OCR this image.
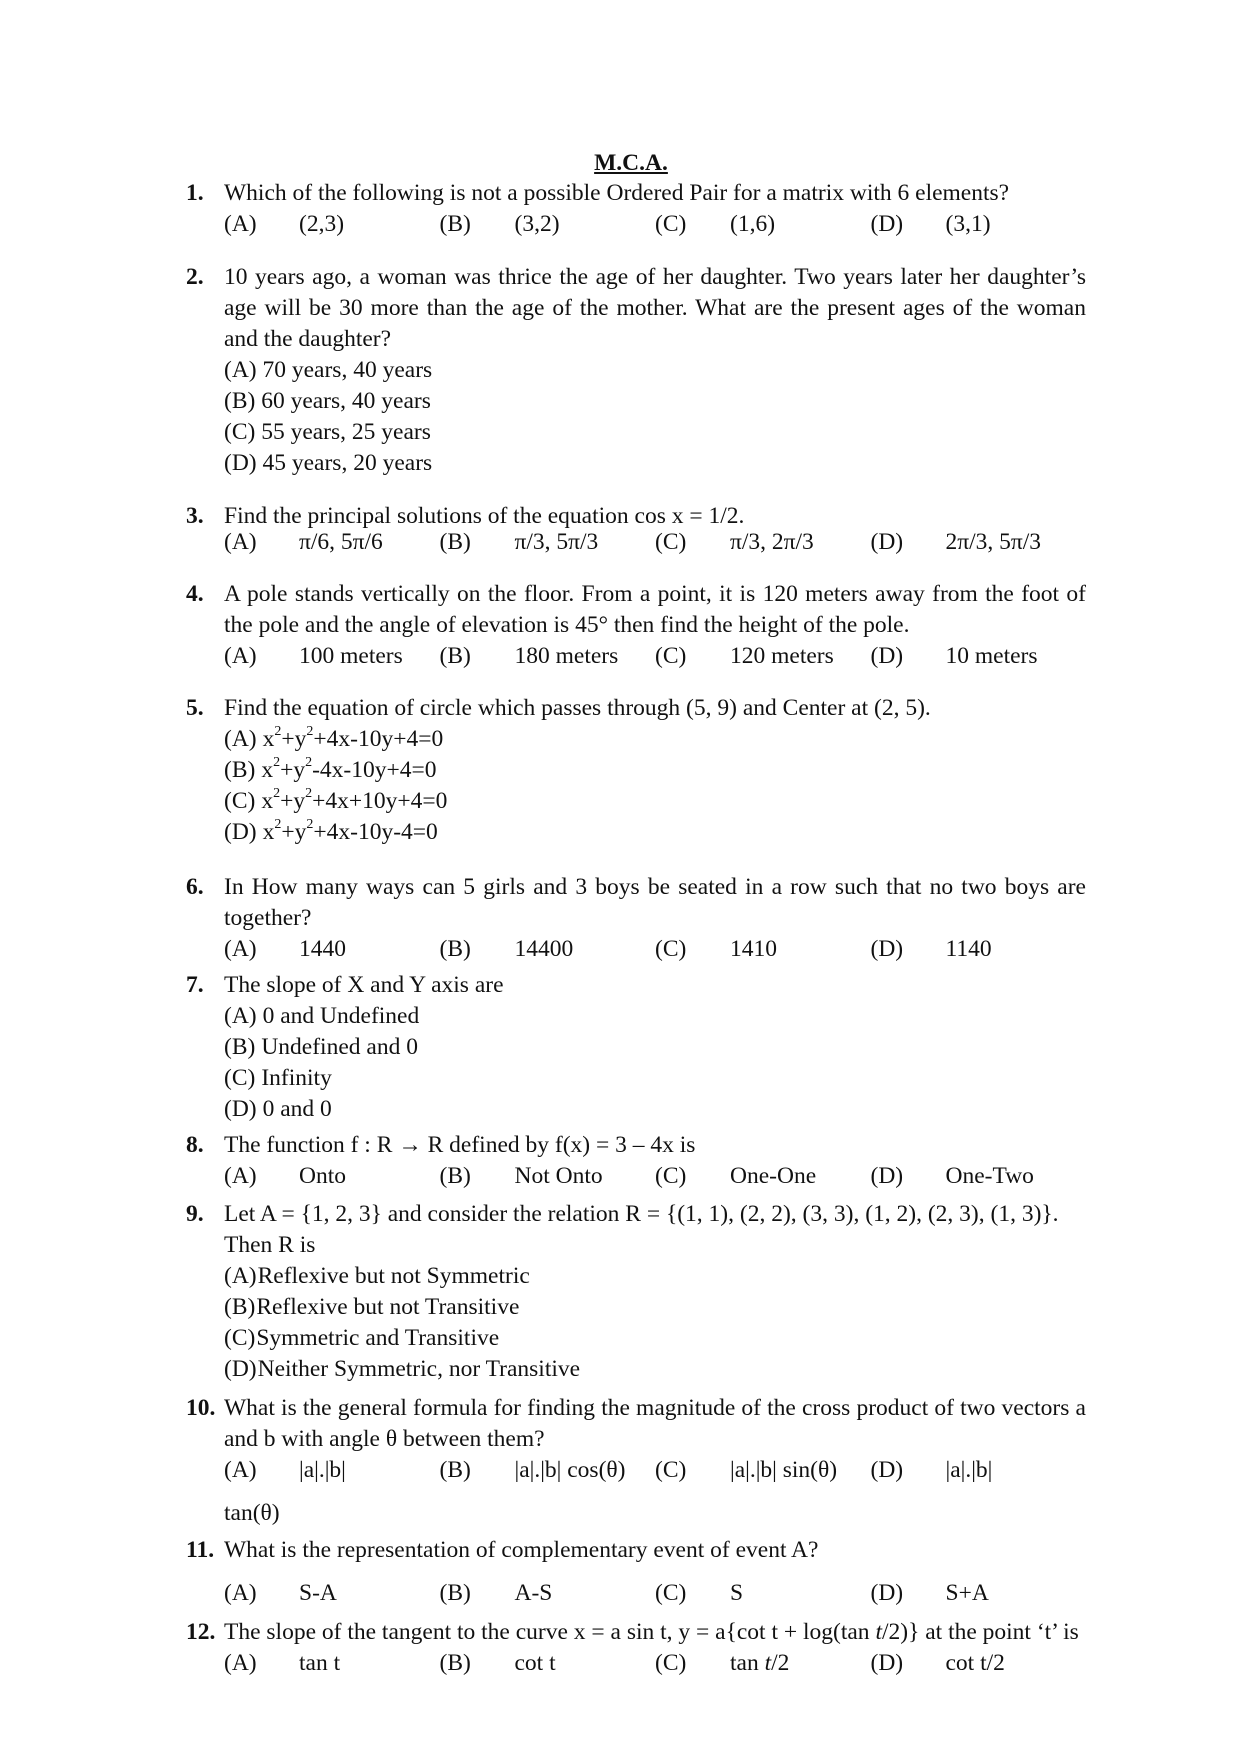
M.C.A.
1. Which of the following is not a possible Ordered Pair for a matrix with 6 elements?
(A)	(2,3)	(B)	(3,2)	(C)	(1,6)	(D)	(3,1)
2. 10 years ago, a woman was thrice the age of her daughter. Two years later her daughter’s age will be 30 more than the age of the mother. What are the present ages of the woman and the daughter?
(A) 70 years, 40 years
(B) 60 years, 40 years
(C) 55 years, 25 years
(D) 45 years, 20 years
3. Find the principal solutions of the equation cos x = 1/2.
(A)	π/6, 5π/6 (B)	π/3, 5π/3 (C)	π/3, 2π/3 (D)	2π/3, 5π/3
4. A pole stands vertically on the floor. From a point, it is 120 meters away from the foot of the pole and the angle of elevation is 45° then find the height of the pole.
(A)	100 meters (B)	180 meters (C)	120 meters (D)	10 meters
5. Find the equation of circle which passes through (5, 9) and Center at (2, 5).
(A) $x^2+y^2+4x-10y+4=0$
(B) $x^2+y^2-4x-10y+4=0$
(C) $x^2+y^2+4x+10y+4=0$
(D) $x^2+y^2+4x-10y-4=0$
6. In How many ways can 5 girls and 3 boys be seated in a row such that no two boys are together?
(A)	1440	(B)	14400	(C)	1410	(D)	1140
7. The slope of X and Y axis are
(A) 0 and Undefined
(B) Undefined and 0
(C) Infinity
(D) 0 and 0
8. The function f : R → R defined by f(x) = 3 – 4x is
(A)	Onto	(B)	Not Onto (C)	One-One (D)	One-Two
9. Let A = {1, 2, 3} and consider the relation R = {(1, 1), (2, 2), (3, 3), (1, 2), (2, 3), (1, 3)}.
Then R is
(A) Reflexive but not Symmetric
(B) Reflexive but not Transitive
(C) Symmetric and Transitive
(D) Neither Symmetric, nor Transitive
10. What is the general formula for finding the magnitude of the cross product of two vectors a and b with angle θ between them?
(A)	|a|.|b|	(B)	|a|.|b| cos(θ) (C)	|a|.|b| sin(θ) (D)	|a|.|b|
tan(θ)
11. What is the representation of complementary event of event A?
(A)	S-A	(B)	A-S	(C)	S	(D)	S+A
12. The slope of the tangent to the curve x = a sin t, y = a{cot t + log(tan t/2)} at the point ‘t’ is
(A)	tan t	(B)	cot t	(C)	tan t/2	(D)	cot t/2
